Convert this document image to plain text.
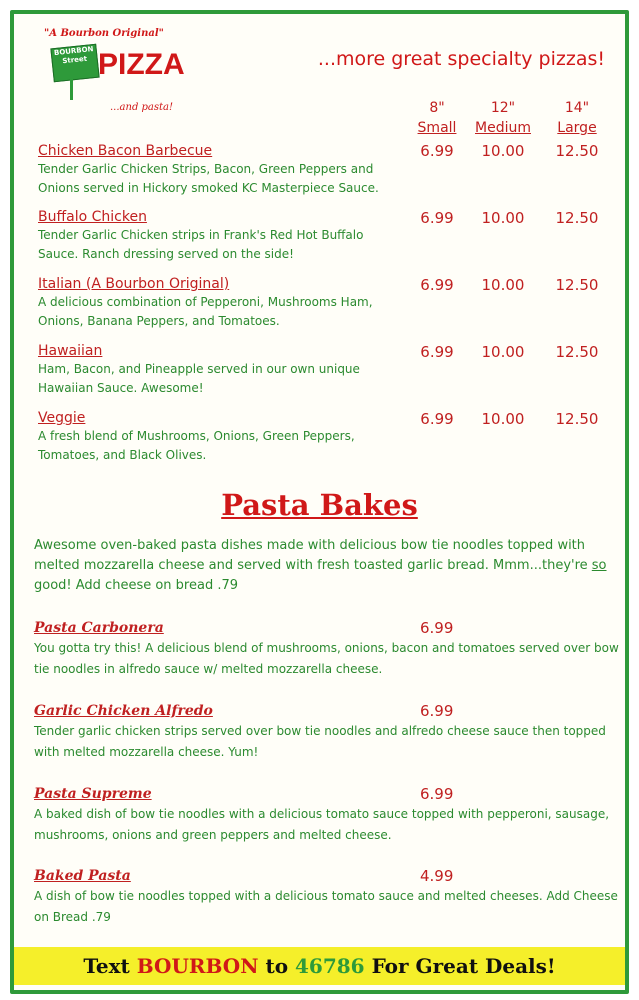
"A Bourbon Original"
BOURBON Street PIZZA
...and pasta!
...more great specialty pizzas!
8"
Small
12"
Medium
14"
Large
Chicken Bacon Barbecue
Tender Garlic Chicken Strips, Bacon, Green Peppers and Onions served in Hickory smoked KC Masterpiece Sauce.
6.99	10.00	12.50
Buffalo Chicken
Tender Garlic Chicken strips in Frank's Red Hot Buffalo Sauce. Ranch dressing served on the side!
6.99	10.00	12.50
Italian (A Bourbon Original)
A delicious combination of Pepperoni, Mushrooms Ham, Onions, Banana Peppers, and Tomatoes.
6.99	10.00	12.50
Hawaiian
Ham, Bacon, and Pineapple served in our own unique Hawaiian Sauce. Awesome!
6.99	10.00	12.50
Veggie
A fresh blend of Mushrooms, Onions, Green Peppers, Tomatoes, and Black Olives.
6.99	10.00	12.50
Pasta Bakes
Awesome oven-baked pasta dishes made with delicious bow tie noodles topped with melted mozzarella cheese and served with fresh toasted garlic bread. Mmm...they're so good! Add cheese on bread .79
Pasta Carbonera
You gotta try this! A delicious blend of mushrooms, onions, bacon and tomatoes served over bow tie noodles in alfredo sauce w/ melted mozzarella cheese.
6.99
Garlic Chicken Alfredo
Tender garlic chicken strips served over bow tie noodles and alfredo cheese sauce then topped with melted mozzarella cheese. Yum!
6.99
Pasta Supreme
A baked dish of bow tie noodles with a delicious tomato sauce topped with pepperoni, sausage, mushrooms, onions and green peppers and melted cheese.
6.99
Baked Pasta
A dish of bow tie noodles topped with a delicious tomato sauce and melted cheeses. Add Cheese on Bread .79
4.99
Text BOURBON to 46786 For Great Deals!
